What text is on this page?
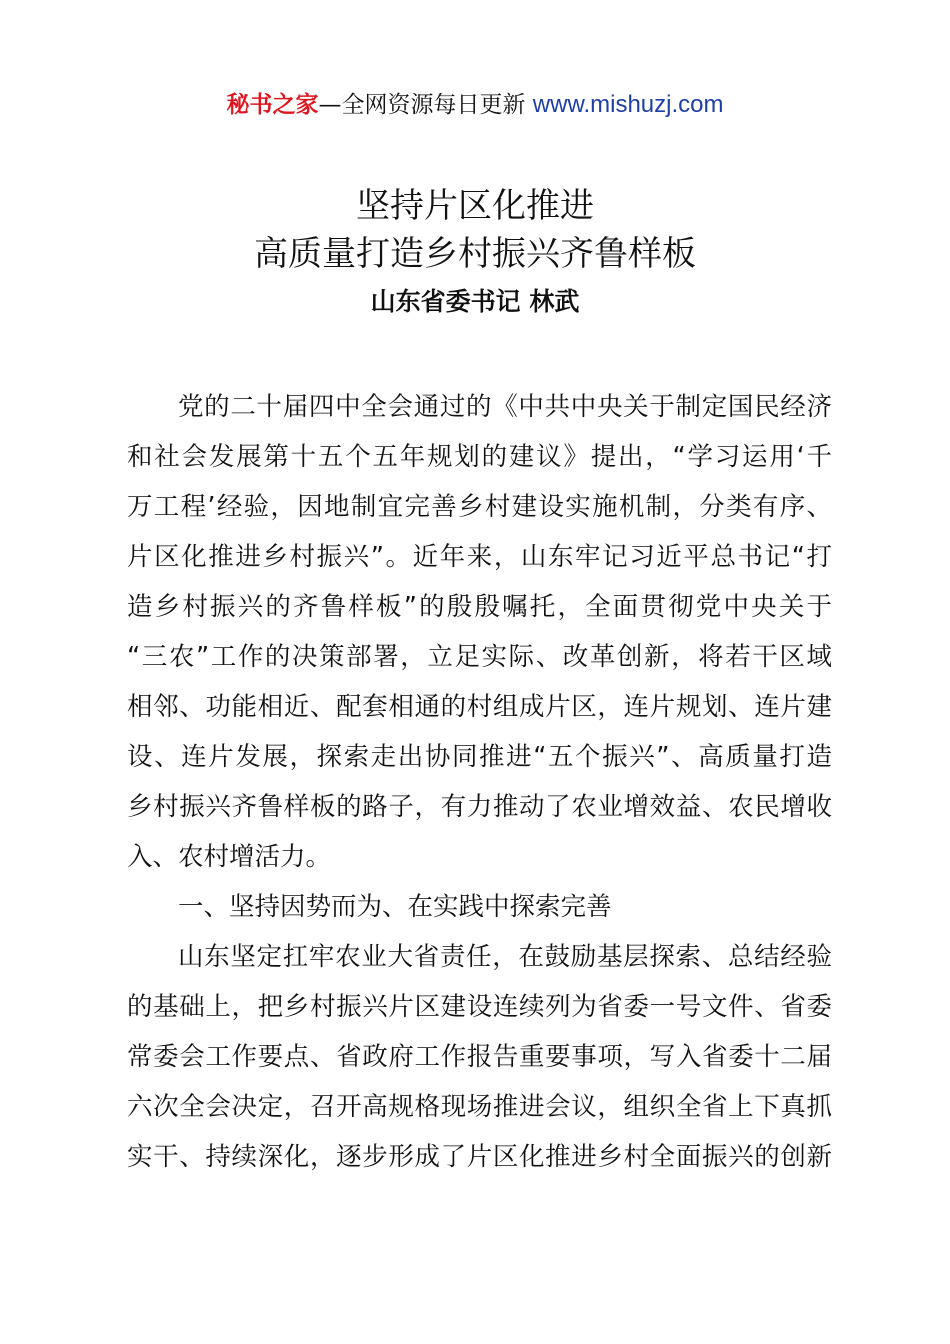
秘书之家—全网资源每日更新 www.mishuzj.com
坚持片区化推进
高质量打造乡村振兴齐鲁样板
山东省委书记 林武
党的二十届四中全会通过的《中共中央关于制定国民经济
和社会发展第十五个五年规划的建议》提出，“学习运用‘千
万工程’经验，因地制宜完善乡村建设实施机制，分类有序、
片区化推进乡村振兴”。近年来，山东牢记习近平总书记“打
造乡村振兴的齐鲁样板”的殷殷嘱托，全面贯彻党中央关于
“三农”工作的决策部署，立足实际、改革创新，将若干区域
相邻、功能相近、配套相通的村组成片区，连片规划、连片建
设、连片发展，探索走出协同推进“五个振兴”、高质量打造
乡村振兴齐鲁样板的路子，有力推动了农业增效益、农民增收
入、农村增活力。
一、坚持因势而为、在实践中探索完善
山东坚定扛牢农业大省责任，在鼓励基层探索、总结经验
的基础上，把乡村振兴片区建设连续列为省委一号文件、省委
常委会工作要点、省政府工作报告重要事项，写入省委十二届
六次全会决定，召开高规格现场推进会议，组织全省上下真抓
实干、持续深化，逐步形成了片区化推进乡村全面振兴的创新
